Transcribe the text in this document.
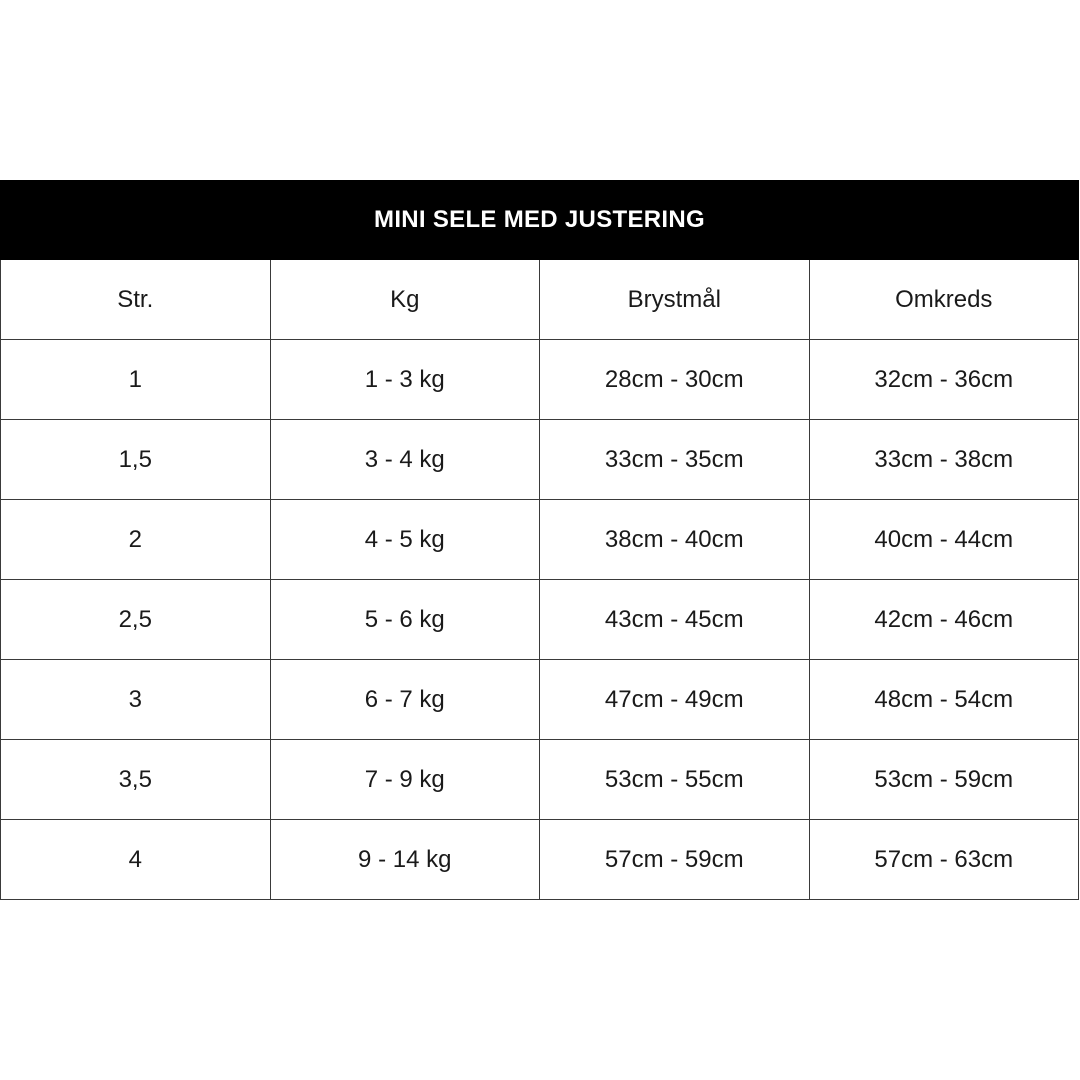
MINI SELE MED JUSTERING
Str.	Kg	Brystmål	Omkreds
1	1 - 3 kg	28cm - 30cm	32cm - 36cm
1,5	3 - 4 kg	33cm - 35cm	33cm - 38cm
2	4 - 5 kg	38cm - 40cm	40cm - 44cm
2,5	5 - 6 kg	43cm - 45cm	42cm - 46cm
3	6 - 7 kg	47cm - 49cm	48cm - 54cm
3,5	7 - 9 kg	53cm - 55cm	53cm - 59cm
4	9 - 14 kg	57cm - 59cm	57cm - 63cm
